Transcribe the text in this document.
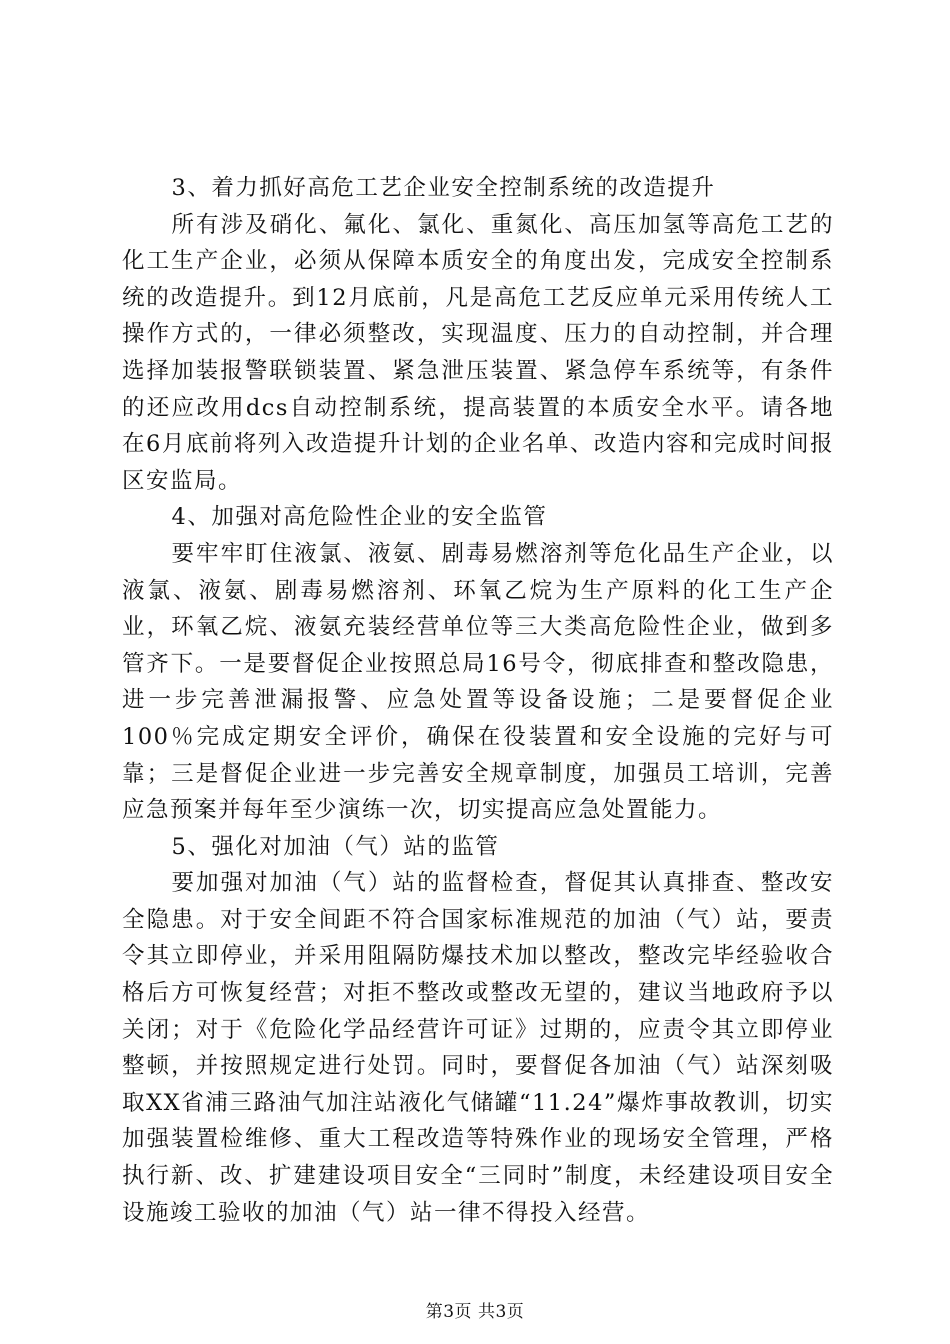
3、着力抓好高危工艺企业安全控制系统的改造提升

所有涉及硝化、氟化、氯化、重氮化、高压加氢等高危工艺的化工生产企业，必须从保障本质安全的角度出发，完成安全控制系统的改造提升。到12月底前，凡是高危工艺反应单元采用传统人工操作方式的，一律必须整改，实现温度、压力的自动控制，并合理选择加装报警联锁装置、紧急泄压装置、紧急停车系统等，有条件的还应改用dcs自动控制系统，提高装置的本质安全水平。请各地在6月底前将列入改造提升计划的企业名单、改造内容和完成时间报区安监局。

4、加强对高危险性企业的安全监管

要牢牢盯住液氯、液氨、剧毒易燃溶剂等危化品生产企业，以液氯、液氨、剧毒易燃溶剂、环氧乙烷为生产原料的化工生产企业，环氧乙烷、液氨充装经营单位等三大类高危险性企业，做到多管齐下。一是要督促企业按照总局16号令，彻底排查和整改隐患，进一步完善泄漏报警、应急处置等设备设施；二是要督促企业100％完成定期安全评价，确保在役装置和安全设施的完好与可靠；三是督促企业进一步完善安全规章制度，加强员工培训，完善应急预案并每年至少演练一次，切实提高应急处置能力。

5、强化对加油（气）站的监管

要加强对加油（气）站的监督检查，督促其认真排查、整改安全隐患。对于安全间距不符合国家标准规范的加油（气）站，要责令其立即停业，并采用阻隔防爆技术加以整改，整改完毕经验收合格后方可恢复经营；对拒不整改或整改无望的，建议当地政府予以关闭；对于《危险化学品经营许可证》过期的，应责令其立即停业整顿，并按照规定进行处罚。同时，要督促各加油（气）站深刻吸取XX省浦三路油气加注站液化气储罐“11.24”爆炸事故教训，切实加强装置检维修、重大工程改造等特殊作业的现场安全管理，严格执行新、改、扩建建设项目安全“三同时”制度，未经建设项目安全设施竣工验收的加油（气）站一律不得投入经营。

第3页 共3页
